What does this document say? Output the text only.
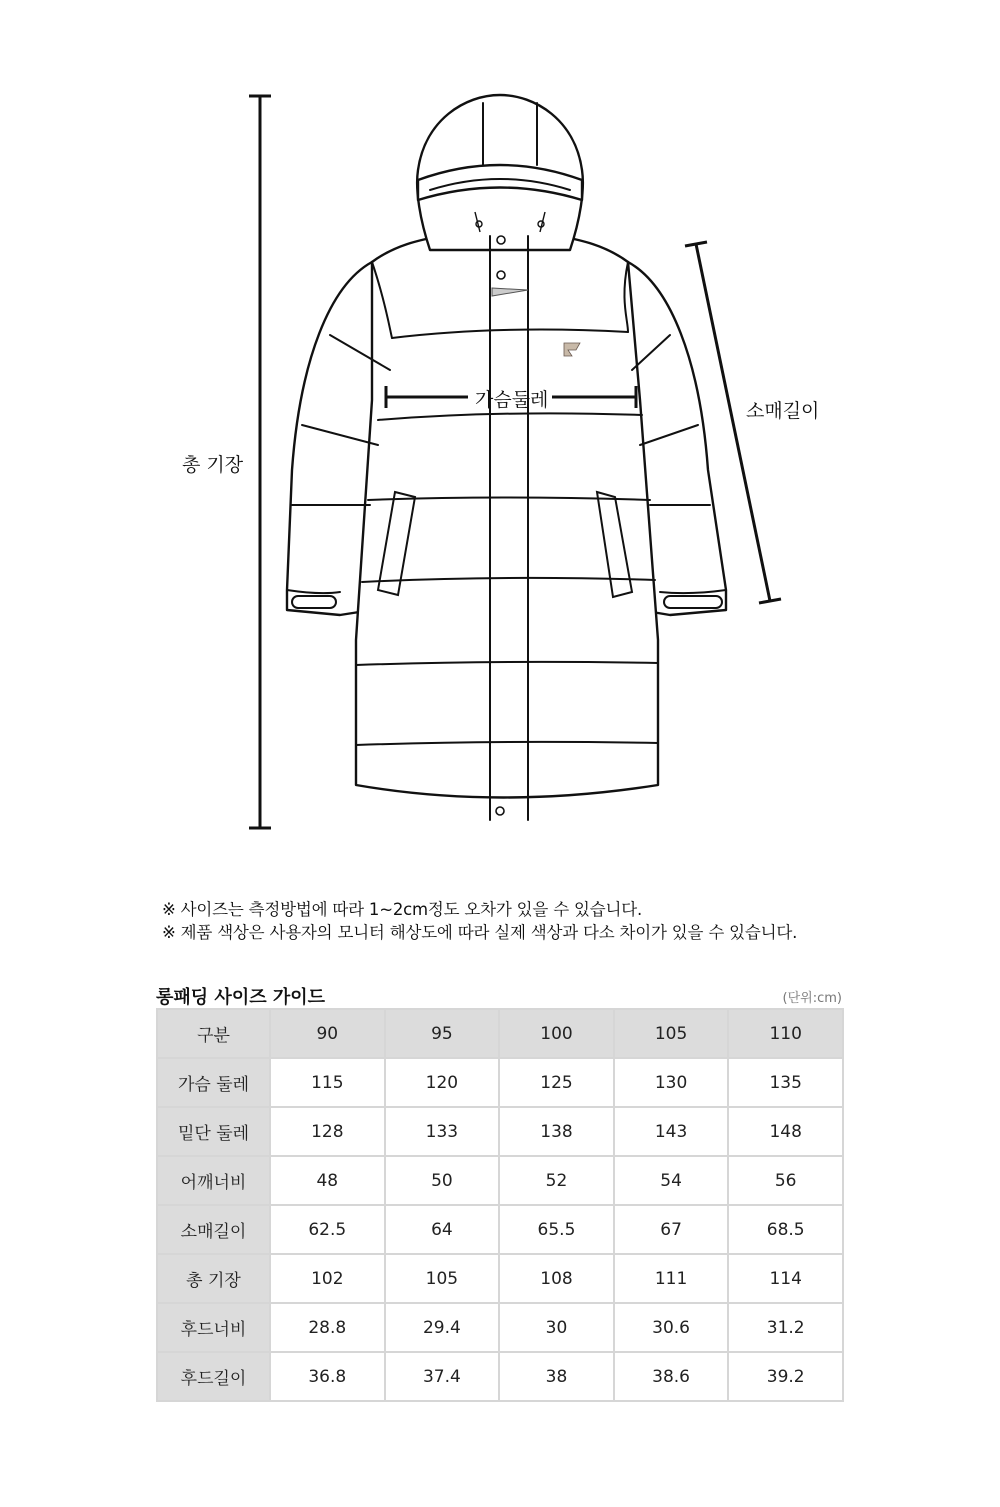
총 기장
가슴둘레	소매길이
※ 사이즈는 측정방법에 따라 1~2cm정도 오차가 있을 수 있습니다.
※ 제품 색상은 사용자의 모니터 해상도에 따라 실제 색상과 다소 차이가 있을 수 있습니다.
롱패딩 사이즈 가이드	(단위:cm)
구분	90	95	100	105	110
가슴 둘레	115	120	125	130	135
밑단 둘레	128	133	138	143	148
어깨너비	48	50	52	54	56
소매길이	62.5	64	65.5	67	68.5
총 기장	102	105	108	111	114
후드너비	28.8	29.4	30	30.6	31.2
후드길이	36.8	37.4	38	38.6	39.2
